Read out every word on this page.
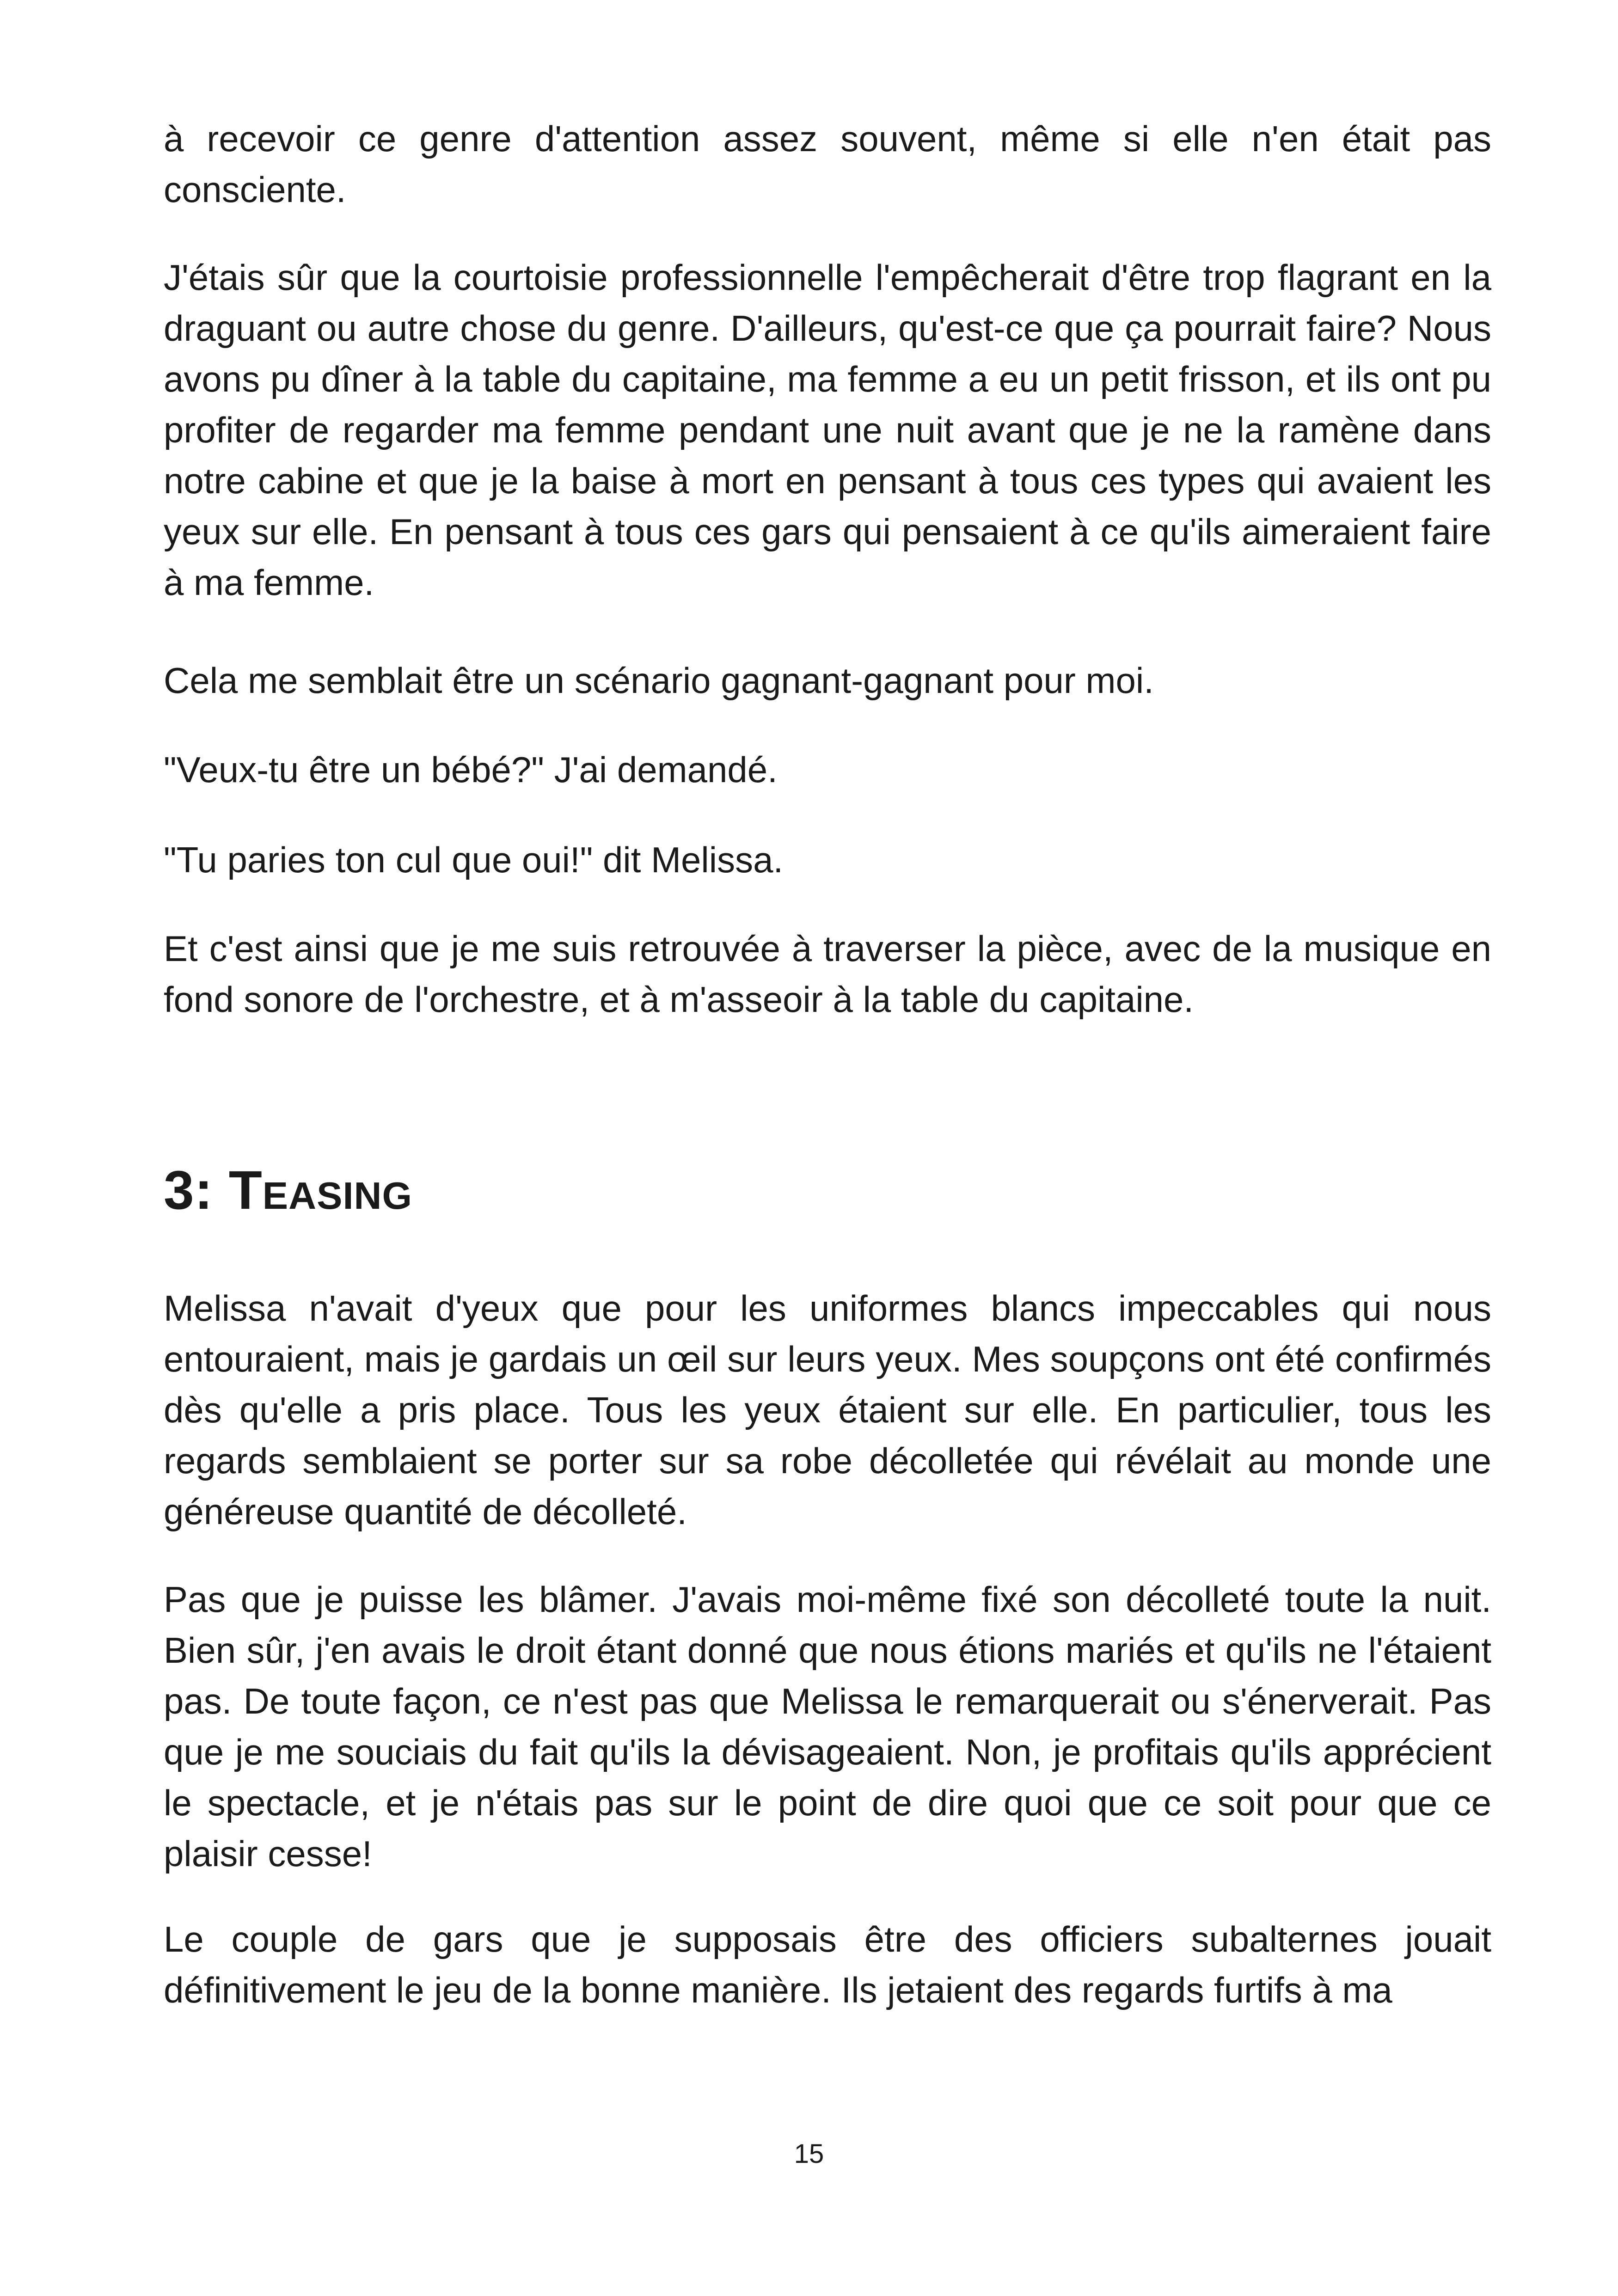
à recevoir ce genre d'attention assez souvent, même si elle n'en était pas consciente.

J'étais sûr que la courtoisie professionnelle l'empêcherait d'être trop flagrant en la draguant ou autre chose du genre. D'ailleurs, qu'est-ce que ça pourrait faire? Nous avons pu dîner à la table du capitaine, ma femme a eu un petit frisson, et ils ont pu profiter de regarder ma femme pendant une nuit avant que je ne la ramène dans notre cabine et que je la baise à mort en pensant à tous ces types qui avaient les yeux sur elle. En pensant à tous ces gars qui pensaient à ce qu'ils aimeraient faire à ma femme.

Cela me semblait être un scénario gagnant-gagnant pour moi.

"Veux-tu être un bébé?" J'ai demandé.

"Tu paries ton cul que oui!" dit Melissa.

Et c'est ainsi que je me suis retrouvée à traverser la pièce, avec de la musique en fond sonore de l'orchestre, et à m'asseoir à la table du capitaine.

3: Teasing

Melissa n'avait d'yeux que pour les uniformes blancs impeccables qui nous entouraient, mais je gardais un œil sur leurs yeux. Mes soupçons ont été confirmés dès qu'elle a pris place. Tous les yeux étaient sur elle. En particulier, tous les regards semblaient se porter sur sa robe décolletée qui révélait au monde une généreuse quantité de décolleté.

Pas que je puisse les blâmer. J'avais moi-même fixé son décolleté toute la nuit. Bien sûr, j'en avais le droit étant donné que nous étions mariés et qu'ils ne l'étaient pas. De toute façon, ce n'est pas que Melissa le remarquerait ou s'énerverait. Pas que je me souciais du fait qu'ils la dévisageaient. Non, je profitais qu'ils apprécient le spectacle, et je n'étais pas sur le point de dire quoi que ce soit pour que ce plaisir cesse!

Le couple de gars que je supposais être des officiers subalternes jouait définitivement le jeu de la bonne manière. Ils jetaient des regards furtifs à ma

15
